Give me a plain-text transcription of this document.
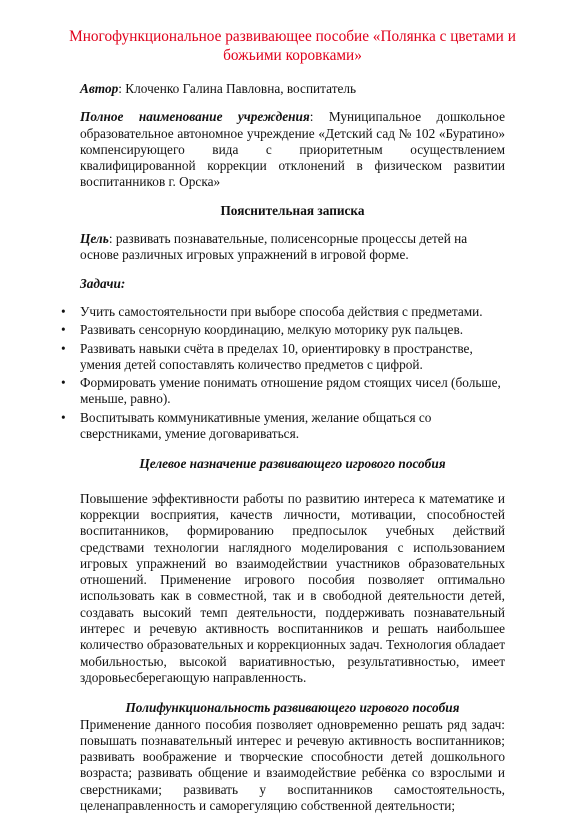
Многофункциональное развивающее пособие «Полянка с цветами и божьими коровками»

Автор: Клоченко Галина Павловна, воспитатель

Полное наименование учреждения: Муниципальное дошкольное образовательное автономное учреждение «Детский сад № 102 «Буратино» компенсирующего вида с приоритетным осуществлением квалифицированной коррекции отклонений в физическом развитии воспитанников г. Орска»

Пояснительная записка

Цель: развивать познавательные, полисенсорные процессы детей на основе различных игровых упражнений в игровой форме.

Задачи:

• Учить самостоятельности при выборе способа действия с предметами.
• Развивать сенсорную координацию, мелкую моторику рук пальцев.
• Развивать навыки счёта в пределах 10, ориентировку в пространстве, умения детей сопоставлять количество предметов с цифрой.
• Формировать умение понимать отношение рядом стоящих чисел (больше, меньше, равно).
• Воспитывать коммуникативные умения, желание общаться со сверстниками, умение договариваться.
Целевое назначение развивающего игрового пособия

Повышение эффективности работы по развитию интереса к математике и коррекции восприятия, качеств личности, мотивации, способностей воспитанников, формированию предпосылок учебных действий средствами технологии наглядного моделирования с использованием игровых упражнений во взаимодействии участников образовательных отношений. Применение игрового пособия позволяет оптимально использовать как в совместной, так и в свободной деятельности детей, создавать высокий темп деятельности, поддерживать познавательный интерес и речевую активность воспитанников и решать наибольшее количество образовательных и коррекционных задач. Технология обладает мобильностью, высокой вариативностью, результативностью, имеет здоровьесберегающую направленность.

Полифункциональность развивающего игрового пособия

Применение данного пособия позволяет одновременно решать ряд задач: повышать познавательный интерес и речевую активность воспитанников; развивать воображение и творческие способности детей дошкольного возраста; развивать общение и взаимодействие ребёнка со взрослыми и сверстниками; развивать у воспитанников самостоятельность, целенаправленность и саморегуляцию собственной деятельности;
